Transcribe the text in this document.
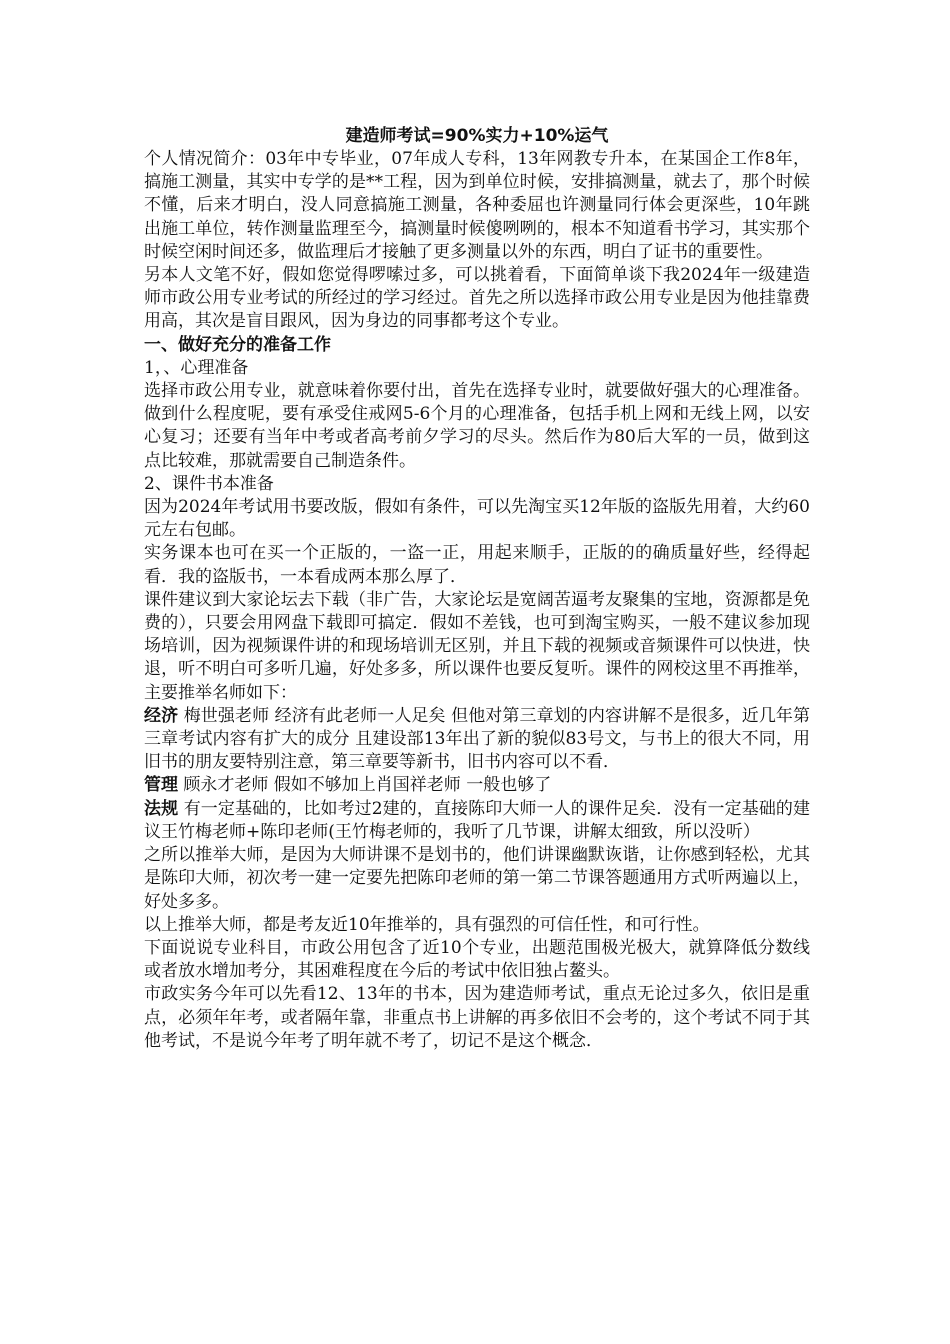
建造师考试=90%实力+10%运气

个人情况简介：03年中专毕业，07年成人专科，13年网教专升本，在某国企工作8年，搞施工测量，其实中专学的是**工程，因为到单位时候，安排搞测量，就去了，那个时候不懂，后来才明白，没人同意搞施工测量，各种委屈也许测量同行体会更深些，10年跳出施工单位，转作测量监理至今，搞测量时候傻咧咧的，根本不知道看书学习，其实那个时候空闲时间还多，做监理后才接触了更多测量以外的东西，明白了证书的重要性。

另本人文笔不好，假如您觉得啰嗦过多，可以挑着看，下面简单谈下我2024年一级建造师市政公用专业考试的所经过的学习经过。首先之所以选择市政公用专业是因为他挂靠费用高，其次是盲目跟风，因为身边的同事都考这个专业。

一、做好充分的准备工作

1，、心理准备

选择市政公用专业，就意味着你要付出，首先在选择专业时，就要做好强大的心理准备。做到什么程度呢，要有承受住戒网5-6个月的心理准备，包括手机上网和无线上网，以安心复习；还要有当年中考或者高考前夕学习的尽头。然后作为80后大军的一员，做到这点比较难，那就需要自己制造条件。

2、课件书本准备

因为2024年考试用书要改版，假如有条件，可以先淘宝买12年版的盗版先用着，大约60元左右包邮。

实务课本也可在买一个正版的，一盗一正，用起来顺手，正版的的确质量好些，经得起看．我的盗版书，一本看成两本那么厚了．

课件建议到大家论坛去下载（非广告，大家论坛是宽阔苦逼考友聚集的宝地，资源都是免费的），只要会用网盘下载即可搞定．假如不差钱，也可到淘宝购买，一般不建议参加现场培训，因为视频课件讲的和现场培训无区别，并且下载的视频或音频课件可以快进，快退，听不明白可多听几遍，好处多多，所以课件也要反复听。课件的网校这里不再推举，主要推举名师如下：

经济 梅世强老师 经济有此老师一人足矣 但他对第三章划的内容讲解不是很多，近几年第三章考试内容有扩大的成分 且建设部13年出了新的貌似83号文，与书上的很大不同，用旧书的朋友要特别注意，第三章要等新书，旧书内容可以不看．

管理 顾永才老师 假如不够加上肖国祥老师 一般也够了

法规 有一定基础的，比如考过2建的，直接陈印大师一人的课件足矣．没有一定基础的建议王竹梅老师+陈印老师(王竹梅老师的，我听了几节课，讲解太细致，所以没听）

之所以推举大师，是因为大师讲课不是划书的，他们讲课幽默诙谐，让你感到轻松，尤其是陈印大师，初次考一建一定要先把陈印老师的第一第二节课答题通用方式听两遍以上，好处多多。

以上推举大师，都是考友近10年推举的，具有强烈的可信任性，和可行性。

下面说说专业科目，市政公用包含了近10个专业，出题范围极光极大，就算降低分数线或者放水增加考分，其困难程度在今后的考试中依旧独占鳌头。

市政实务今年可以先看12、13年的书本，因为建造师考试，重点无论过多久，依旧是重点，必须年年考，或者隔年靠，非重点书上讲解的再多依旧不会考的，这个考试不同于其他考试，不是说今年考了明年就不考了，切记不是这个概念．
